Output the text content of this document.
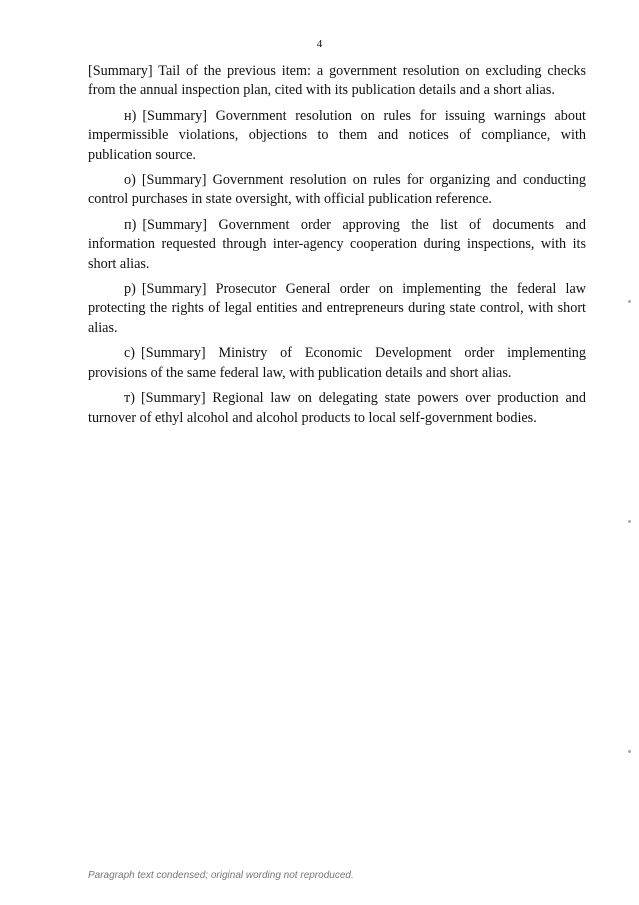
4

[Summary] Tail of the previous item: a government resolution on excluding checks from the annual inspection plan, cited with its publication details and a short alias.

н) [Summary] Government resolution on rules for issuing warnings about impermissible violations, objections to them and notices of compliance, with publication source.

о) [Summary] Government resolution on rules for organizing and conducting control purchases in state oversight, with official publication reference.

п) [Summary] Government order approving the list of documents and information requested through inter-agency cooperation during inspections, with its short alias.

р) [Summary] Prosecutor General order on implementing the federal law protecting the rights of legal entities and entrepreneurs during state control, with short alias.

с) [Summary] Ministry of Economic Development order implementing provisions of the same federal law, with publication details and short alias.

т) [Summary] Regional law on delegating state powers over production and turnover of ethyl alcohol and alcohol products to local self-government bodies.

Paragraph text condensed; original wording not reproduced.
